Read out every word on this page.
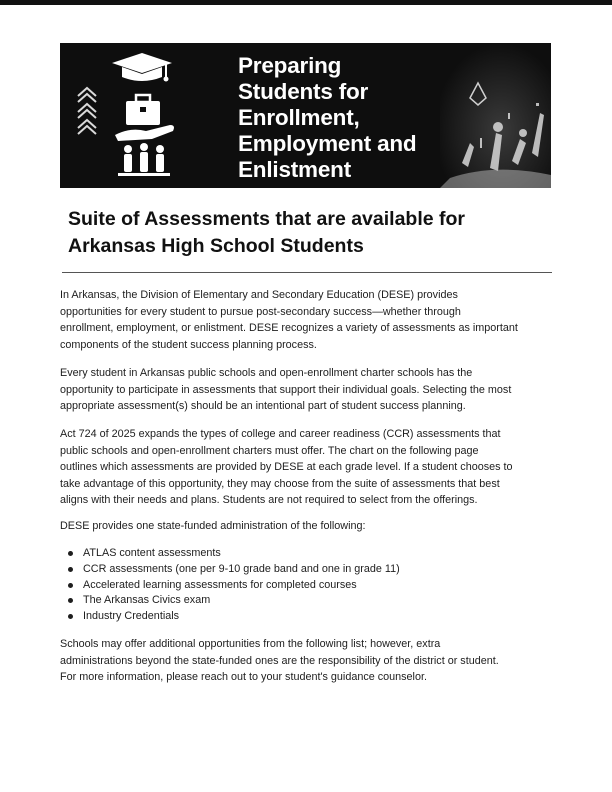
Preparing
Students for
Enrollment,
Employment and
Enlistment
Suite of Assessments that are available for
Arkansas High School Students
In Arkansas, the Division of Elementary and Secondary Education (DESE) provides
opportunities for every student to pursue post-secondary success—whether through
enrollment, employment, or enlistment. DESE recognizes a variety of assessments as important
components of the student success planning process.
Every student in Arkansas public schools and open-enrollment charter schools has the
opportunity to participate in assessments that support their individual goals. Selecting the most
appropriate assessment(s) should be an intentional part of student success planning.
Act 724 of 2025 expands the types of college and career readiness (CCR) assessments that
public schools and open-enrollment charters must offer. The chart on the following page
outlines which assessments are provided by DESE at each grade level. If a student chooses to
take advantage of this opportunity, they may choose from the suite of assessments that best
aligns with their needs and plans. Students are not required to select from the offerings.
DESE provides one state-funded administration of the following:
ATLAS content assessments
CCR assessments (one per 9-10 grade band and one in grade 11)
Accelerated learning assessments for completed courses
The Arkansas Civics exam
Industry Credentials
Schools may offer additional opportunities from the following list; however, extra
administrations beyond the state-funded ones are the responsibility of the district or student.
For more information, please reach out to your student's guidance counselor.
